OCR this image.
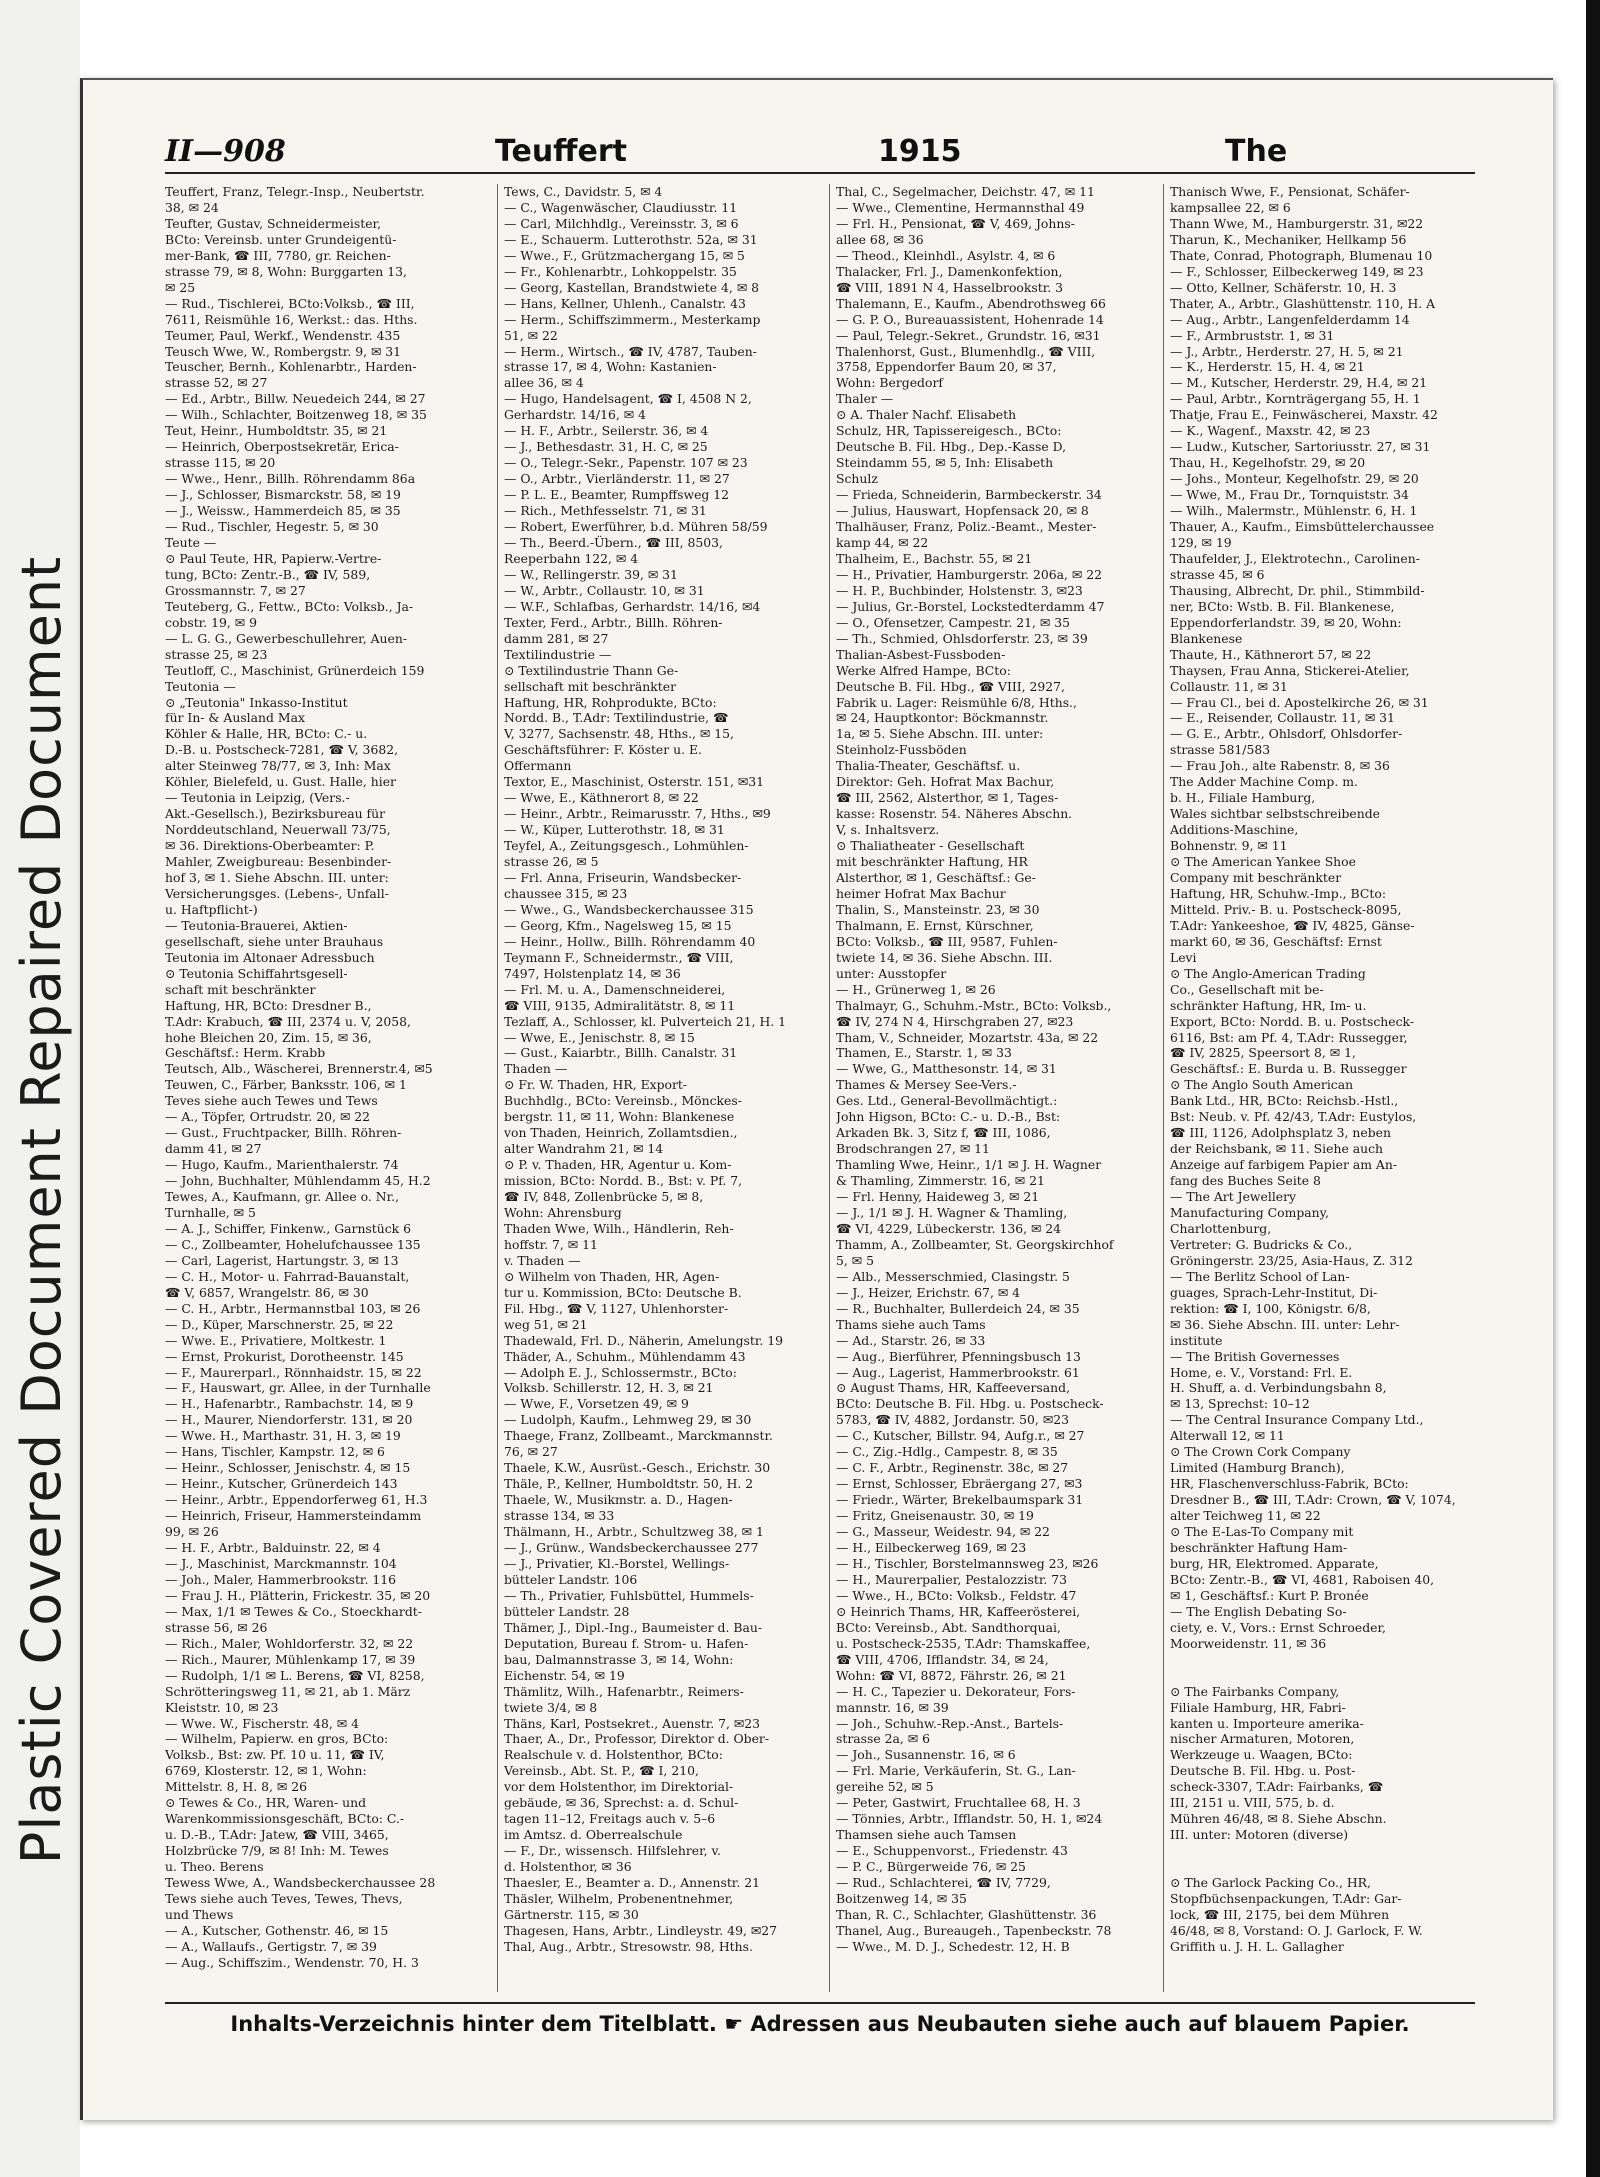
Plastic Covered Document Repaired Document
II—908	Teuffert	1915	The
Teuffert, Franz, Telegr.-Insp., Neubertstr.
38, ✉ 24
Teufter, Gustav, Schneidermeister,
BCto: Vereinsb. unter Grundeigentü-
mer-Bank, ☎ III, 7780, gr. Reichen-
strasse 79, ✉ 8, Wohn: Burggarten 13,
✉ 25
— Rud., Tischlerei, BCto:Volksb., ☎ III,
7611, Reismühle 16, Werkst.: das. Hths.
Teumer, Paul, Werkf., Wendenstr. 435
Teusch Wwe, W., Rombergstr. 9, ✉ 31
Teuscher, Bernh., Kohlenarbtr., Harden-
strasse 52, ✉ 27
— Ed., Arbtr., Billw. Neuedeich 244, ✉ 27
— Wilh., Schlachter, Boitzenweg 18, ✉ 35
Teut, Heinr., Humboldtstr. 35, ✉ 21
— Heinrich, Oberpostsekretär, Erica-
strasse 115, ✉ 20
— Wwe., Henr., Billh. Röhrendamm 86a
— J., Schlosser, Bismarckstr. 58, ✉ 19
— J., Weissw., Hammerdeich 85, ✉ 35
— Rud., Tischler, Hegestr. 5, ✉ 30
Teute —
⊙ Paul Teute, HR, Papierw.-Vertre-
tung, BCto: Zentr.-B., ☎ IV, 589,
Grossmannstr. 7, ✉ 27
Teuteberg, G., Fettw., BCto: Volksb., Ja-
cobstr. 19, ✉ 9
— L. G. G., Gewerbeschullehrer, Auen-
strasse 25, ✉ 23
Teutloff, C., Maschinist, Grünerdeich 159
Teutonia —
⊙ „Teutonia" Inkasso-Institut
für In- & Ausland Max
Köhler & Halle, HR, BCto: C.- u.
D.-B. u. Postscheck-7281, ☎ V, 3682,
alter Steinweg 78/77, ✉ 3, Inh: Max
Köhler, Bielefeld, u. Gust. Halle, hier
— Teutonia in Leipzig, (Vers.-
Akt.-Gesellsch.), Bezirksbureau für
Norddeutschland, Neuerwall 73/75,
✉ 36. Direktions-Oberbeamter: P.
Mahler, Zweigbureau: Besenbinder-
hof 3, ✉ 1. Siehe Abschn. III. unter:
Versicherungsges. (Lebens-, Unfall-
u. Haftpflicht-)
— Teutonia-Brauerei, Aktien-
gesellschaft, siehe unter Brauhaus
Teutonia im Altonaer Adressbuch
⊙ Teutonia Schiffahrtsgesell-
schaft mit beschränkter
Haftung, HR, BCto: Dresdner B.,
T.Adr: Krabuch, ☎ III, 2374 u. V, 2058,
hohe Bleichen 20, Zim. 15, ✉ 36,
Geschäftsf.: Herm. Krabb
Teutsch, Alb., Wäscherei, Brennerstr.4, ✉5
Teuwen, C., Färber, Banksstr. 106, ✉ 1
Teves siehe auch Tewes und Tews
— A., Töpfer, Ortrudstr. 20, ✉ 22
— Gust., Fruchtpacker, Billh. Röhren-
damm 41, ✉ 27
— Hugo, Kaufm., Marienthalerstr. 74
— John, Buchhalter, Mühlendamm 45, H.2
Tewes, A., Kaufmann, gr. Allee o. Nr.,
Turnhalle, ✉ 5
— A. J., Schiffer, Finkenw., Garnstück 6
— C., Zollbeamter, Hohelufchaussee 135
— Carl, Lagerist, Hartungstr. 3, ✉ 13
— C. H., Motor- u. Fahrrad-Bauanstalt,
☎ V, 6857, Wrangelstr. 86, ✉ 30
— C. H., Arbtr., Hermannstbal 103, ✉ 26
— D., Küper, Marschnerstr. 25, ✉ 22
— Wwe. E., Privatiere, Moltkestr. 1
— Ernst, Prokurist, Dorotheenstr. 145
— F., Maurerparl., Rönnhaidstr. 15, ✉ 22
— F., Hauswart, gr. Allee, in der Turnhalle
— H., Hafenarbtr., Rambachstr. 14, ✉ 9
— H., Maurer, Niendorferstr. 131, ✉ 20
— Wwe. H., Marthastr. 31, H. 3, ✉ 19
— Hans, Tischler, Kampstr. 12, ✉ 6
— Heinr., Schlosser, Jenischstr. 4, ✉ 15
— Heinr., Kutscher, Grünerdeich 143
— Heinr., Arbtr., Eppendorferweg 61, H.3
— Heinrich, Friseur, Hammersteindamm
99, ✉ 26
— H. F., Arbtr., Balduinstr. 22, ✉ 4
— J., Maschinist, Marckmannstr. 104
— Joh., Maler, Hammerbrookstr. 116
— Frau J. H., Plätterin, Frickestr. 35, ✉ 20
— Max, 1/1 ✉ Tewes & Co., Stoeckhardt-
strasse 56, ✉ 26
— Rich., Maler, Wohldorferstr. 32, ✉ 22
— Rich., Maurer, Mühlenkamp 17, ✉ 39
— Rudolph, 1/1 ✉ L. Berens, ☎ VI, 8258,
Schrötteringsweg 11, ✉ 21, ab 1. März
Kleiststr. 10, ✉ 23
— Wwe. W., Fischerstr. 48, ✉ 4
— Wilhelm, Papierw. en gros, BCto:
Volksb., Bst: zw. Pf. 10 u. 11, ☎ IV,
6769, Klosterstr. 12, ✉ 1, Wohn:
Mittelstr. 8, H. 8, ✉ 26
⊙ Tewes & Co., HR, Waren- und
Warenkommissionsgeschäft, BCto: C.-
u. D.-B., T.Adr: Jatew, ☎ VIII, 3465,
Holzbrücke 7/9, ✉ 8! Inh: M. Tewes
u. Theo. Berens
Tewess Wwe, A., Wandsbeckerchaussee 28
Tews siehe auch Teves, Tewes, Thevs,
und Thews
— A., Kutscher, Gothenstr. 46, ✉ 15
— A., Wallaufs., Gertigstr. 7, ✉ 39
— Aug., Schiffszim., Wendenstr. 70, H. 3
Tews, C., Davidstr. 5, ✉ 4
— C., Wagenwäscher, Claudiusstr. 11
— Carl, Milchhdlg., Vereinsstr. 3, ✉ 6
— E., Schauerm. Lutterothstr. 52a, ✉ 31
— Wwe., F., Grützmachergang 15, ✉ 5
— Fr., Kohlenarbtr., Lohkoppelstr. 35
— Georg, Kastellan, Brandstwiete 4, ✉ 8
— Hans, Kellner, Uhlenh., Canalstr. 43
— Herm., Schiffszimmerm., Mesterkamp
51, ✉ 22
— Herm., Wirtsch., ☎ IV, 4787, Tauben-
strasse 17, ✉ 4, Wohn: Kastanien-
allee 36, ✉ 4
— Hugo, Handelsagent, ☎ I, 4508 N 2,
Gerhardstr. 14/16, ✉ 4
— H. F., Arbtr., Seilerstr. 36, ✉ 4
— J., Bethesdastr. 31, H. C, ✉ 25
— O., Telegr.-Sekr., Papenstr. 107 ✉ 23
— O., Arbtr., Vierländerstr. 11, ✉ 27
— P. L. E., Beamter, Rumpffsweg 12
— Rich., Methfesselstr. 71, ✉ 31
— Robert, Ewerführer, b.d. Mühren 58/59
— Th., Beerd.-Übern., ☎ III, 8503,
Reeperbahn 122, ✉ 4
— W., Rellingerstr. 39, ✉ 31
— W., Arbtr., Collaustr. 10, ✉ 31
— W.F., Schlafbas, Gerhardstr. 14/16, ✉4
Texter, Ferd., Arbtr., Billh. Röhren-
damm 281, ✉ 27
Textilindustrie —
⊙ Textilindustrie Thann Ge-
sellschaft mit beschränkter
Haftung, HR, Rohprodukte, BCto:
Nordd. B., T.Adr: Textilindustrie, ☎
V, 3277, Sachsenstr. 48, Hths., ✉ 15,
Geschäftsführer: F. Köster u. E.
Offermann
Textor, E., Maschinist, Osterstr. 151, ✉31
— Wwe, E., Käthnerort 8, ✉ 22
— Heinr., Arbtr., Reimarusstr. 7, Hths., ✉9
— W., Küper, Lutterothstr. 18, ✉ 31
Teyfel, A., Zeitungsgesch., Lohmühlen-
strasse 26, ✉ 5
— Frl. Anna, Friseurin, Wandsbecker-
chaussee 315, ✉ 23
— Wwe., G., Wandsbeckerchaussee 315
— Georg, Kfm., Nagelsweg 15, ✉ 15
— Heinr., Hollw., Billh. Röhrendamm 40
Teymann F., Schneidermstr., ☎ VIII,
7497, Holstenplatz 14, ✉ 36
— Frl. M. u. A., Damenschneiderei,
☎ VIII, 9135, Admiralitätstr. 8, ✉ 11
Tezlaff, A., Schlosser, kl. Pulverteich 21, H. 1
— Wwe, E., Jenischstr. 8, ✉ 15
— Gust., Kaiarbtr., Billh. Canalstr. 31
Thaden —
⊙ Fr. W. Thaden, HR, Export-
Buchhdlg., BCto: Vereinsb., Mönckes-
bergstr. 11, ✉ 11, Wohn: Blankenese
von Thaden, Heinrich, Zollamtsdien.,
alter Wandrahm 21, ✉ 14
⊙ P. v. Thaden, HR, Agentur u. Kom-
mission, BCto: Nordd. B., Bst: v. Pf. 7,
☎ IV, 848, Zollenbrücke 5, ✉ 8,
Wohn: Ahrensburg
Thaden Wwe, Wilh., Händlerin, Reh-
hoffstr. 7, ✉ 11
v. Thaden —
⊙ Wilhelm von Thaden, HR, Agen-
tur u. Kommission, BCto: Deutsche B.
Fil. Hbg., ☎ V, 1127, Uhlenhorster-
weg 51, ✉ 21
Thadewald, Frl. D., Näherin, Amelungstr. 19
Thäder, A., Schuhm., Mühlendamm 43
— Adolph E. J., Schlossermstr., BCto:
Volksb. Schillerstr. 12, H. 3, ✉ 21
— Wwe, F., Vorsetzen 49, ✉ 9
— Ludolph, Kaufm., Lehmweg 29, ✉ 30
Thaege, Franz, Zollbeamt., Marckmannstr.
76, ✉ 27
Thaele, K.W., Ausrüst.-Gesch., Erichstr. 30
Thäle, P., Kellner, Humboldtstr. 50, H. 2
Thaele, W., Musikmstr. a. D., Hagen-
strasse 134, ✉ 33
Thälmann, H., Arbtr., Schultzweg 38, ✉ 1
— J., Grünw., Wandsbeckerchaussee 277
— J., Privatier, Kl.-Borstel, Wellings-
bütteler Landstr. 106
— Th., Privatier, Fuhlsbüttel, Hummels-
bütteler Landstr. 28
Thämer, J., Dipl.-Ing., Baumeister d. Bau-
Deputation, Bureau f. Strom- u. Hafen-
bau, Dalmannstrasse 3, ✉ 14, Wohn:
Eichenstr. 54, ✉ 19
Thämlitz, Wilh., Hafenarbtr., Reimers-
twiete 3/4, ✉ 8
Thäns, Karl, Postsekret., Auenstr. 7, ✉23
Thaer, A., Dr., Professor, Direktor d. Ober-
Realschule v. d. Holstenthor, BCto:
Vereinsb., Abt. St. P., ☎ I, 210,
vor dem Holstenthor, im Direktorial-
gebäude, ✉ 36, Sprechst: a. d. Schul-
tagen 11–12, Freitags auch v. 5–6
im Amtsz. d. Oberrealschule
— F., Dr., wissensch. Hilfslehrer, v.
d. Holstenthor, ✉ 36
Thaesler, E., Beamter a. D., Annenstr. 21
Thäsler, Wilhelm, Probenentnehmer,
Gärtnerstr. 115, ✉ 30
Thagesen, Hans, Arbtr., Lindleystr. 49, ✉27
Thal, Aug., Arbtr., Stresowstr. 98, Hths.
Thal, C., Segelmacher, Deichstr. 47, ✉ 11
— Wwe., Clementine, Hermannsthal 49
— Frl. H., Pensionat, ☎ V, 469, Johns-
allee 68, ✉ 36
— Theod., Kleinhdl., Asylstr. 4, ✉ 6
Thalacker, Frl. J., Damenkonfektion,
☎ VIII, 1891 N 4, Hasselbrookstr. 3
Thalemann, E., Kaufm., Abendrothsweg 66
— G. P. O., Bureauassistent, Hohenrade 14
— Paul, Telegr.-Sekret., Grundstr. 16, ✉31
Thalenhorst, Gust., Blumenhdlg., ☎ VIII,
3758, Eppendorfer Baum 20, ✉ 37,
Wohn: Bergedorf
Thaler —
⊙ A. Thaler Nachf. Elisabeth
Schulz, HR, Tapissereigesch., BCto:
Deutsche B. Fil. Hbg., Dep.-Kasse D,
Steindamm 55, ✉ 5, Inh: Elisabeth
Schulz
— Frieda, Schneiderin, Barmbeckerstr. 34
— Julius, Hauswart, Hopfensack 20, ✉ 8
Thalhäuser, Franz, Poliz.-Beamt., Mester-
kamp 44, ✉ 22
Thalheim, E., Bachstr. 55, ✉ 21
— H., Privatier, Hamburgerstr. 206a, ✉ 22
— H. P., Buchbinder, Holstenstr. 3, ✉23
— Julius, Gr.-Borstel, Lockstedterdamm 47
— O., Ofensetzer, Campestr. 21, ✉ 35
— Th., Schmied, Ohlsdorferstr. 23, ✉ 39
Thalian-Asbest-Fussboden-
Werke Alfred Hampe, BCto:
Deutsche B. Fil. Hbg., ☎ VIII, 2927,
Fabrik u. Lager: Reismühle 6/8, Hths.,
✉ 24, Hauptkontor: Böckmannstr.
1a, ✉ 5. Siehe Abschn. III. unter:
Steinholz-Fussböden
Thalia-Theater, Geschäftsf. u.
Direktor: Geh. Hofrat Max Bachur,
☎ III, 2562, Alsterthor, ✉ 1, Tages-
kasse: Rosenstr. 54. Näheres Abschn.
V, s. Inhaltsverz.
⊙ Thaliatheater - Gesellschaft
mit beschränkter Haftung, HR
Alsterthor, ✉ 1, Geschäftsf.: Ge-
heimer Hofrat Max Bachur
Thalin, S., Mansteinstr. 23, ✉ 30
Thalmann, E. Ernst, Kürschner,
BCto: Volksb., ☎ III, 9587, Fuhlen-
twiete 14, ✉ 36. Siehe Abschn. III.
unter: Ausstopfer
— H., Grünerweg 1, ✉ 26
Thalmayr, G., Schuhm.-Mstr., BCto: Volksb.,
☎ IV, 274 N 4, Hirschgraben 27, ✉23
Tham, V., Schneider, Mozartstr. 43a, ✉ 22
Thamen, E., Starstr. 1, ✉ 33
— Wwe, G., Matthesonstr. 14, ✉ 31
Thames & Mersey See-Vers.-
Ges. Ltd., General-Bevollmächtigt.:
John Higson, BCto: C.- u. D.-B., Bst:
Arkaden Bk. 3, Sitz f, ☎ III, 1086,
Brodschrangen 27, ✉ 11
Thamling Wwe, Heinr., 1/1 ✉ J. H. Wagner
& Thamling, Zimmerstr. 16, ✉ 21
— Frl. Henny, Haideweg 3, ✉ 21
— J., 1/1 ✉ J. H. Wagner & Thamling,
☎ VI, 4229, Lübeckerstr. 136, ✉ 24
Thamm, A., Zollbeamter, St. Georgskirchhof
5, ✉ 5
— Alb., Messerschmied, Clasingstr. 5
— J., Heizer, Erichstr. 67, ✉ 4
— R., Buchhalter, Bullerdeich 24, ✉ 35
Thams siehe auch Tams
— Ad., Starstr. 26, ✉ 33
— Aug., Bierführer, Pfenningsbusch 13
— Aug., Lagerist, Hammerbrookstr. 61
⊙ August Thams, HR, Kaffeeversand,
BCto: Deutsche B. Fil. Hbg. u. Postscheck-
5783, ☎ IV, 4882, Jordanstr. 50, ✉23
— C., Kutscher, Billstr. 94, Aufg.r., ✉ 27
— C., Zig.-Hdlg., Campestr. 8, ✉ 35
— C. F., Arbtr., Reginenstr. 38c, ✉ 27
— Ernst, Schlosser, Ebräergang 27, ✉3
— Friedr., Wärter, Brekelbaumspark 31
— Fritz, Gneisenaustr. 30, ✉ 19
— G., Masseur, Weidestr. 94, ✉ 22
— H., Eilbeckerweg 169, ✉ 23
— H., Tischler, Borstelmannsweg 23, ✉26
— H., Maurerpalier, Pestalozzistr. 73
— Wwe., H., BCto: Volksb., Feldstr. 47
⊙ Heinrich Thams, HR, Kaffeerösterei,
BCto: Vereinsb., Abt. Sandthorquai,
u. Postscheck-2535, T.Adr: Thamskaffee,
☎ VIII, 4706, Ifflandstr. 34, ✉ 24,
Wohn: ☎ VI, 8872, Fährstr. 26, ✉ 21
— H. C., Tapezier u. Dekorateur, Fors-
mannstr. 16, ✉ 39
— Joh., Schuhw.-Rep.-Anst., Bartels-
strasse 2a, ✉ 6
— Joh., Susannenstr. 16, ✉ 6
— Frl. Marie, Verkäuferin, St. G., Lan-
gereihe 52, ✉ 5
— Peter, Gastwirt, Fruchtallee 68, H. 3
— Tönnies, Arbtr., Ifflandstr. 50, H. 1, ✉24
Thamsen siehe auch Tamsen
— E., Schuppenvorst., Friedenstr. 43
— P. C., Bürgerweide 76, ✉ 25
— Rud., Schlachterei, ☎ IV, 7729,
Boitzenweg 14, ✉ 35
Than, R. C., Schlachter, Glashüttenstr. 36
Thanel, Aug., Bureaugeh., Tapenbeckstr. 78
— Wwe., M. D. J., Schedestr. 12, H. B
Thanisch Wwe, F., Pensionat, Schäfer-
kampsallee 22, ✉ 6
Thann Wwe, M., Hamburgerstr. 31, ✉22
Tharun, K., Mechaniker, Hellkamp 56
Thate, Conrad, Photograph, Blumenau 10
— F., Schlosser, Eilbeckerweg 149, ✉ 23
— Otto, Kellner, Schäferstr. 10, H. 3
Thater, A., Arbtr., Glashüttenstr. 110, H. A
— Aug., Arbtr., Langenfelderdamm 14
— F., Armbruststr. 1, ✉ 31
— J., Arbtr., Herderstr. 27, H. 5, ✉ 21
— K., Herderstr. 15, H. 4, ✉ 21
— M., Kutscher, Herderstr. 29, H.4, ✉ 21
— Paul, Arbtr., Kornträgergang 55, H. 1
Thatje, Frau E., Feinwäscherei, Maxstr. 42
— K., Wagenf., Maxstr. 42, ✉ 23
— Ludw., Kutscher, Sartoriusstr. 27, ✉ 31
Thau, H., Kegelhofstr. 29, ✉ 20
— Johs., Monteur, Kegelhofstr. 29, ✉ 20
— Wwe, M., Frau Dr., Tornquiststr. 34
— Wilh., Malermstr., Mühlenstr. 6, H. 1
Thauer, A., Kaufm., Eimsbüttelerchaussee
129, ✉ 19
Thaufelder, J., Elektrotechn., Carolinen-
strasse 45, ✉ 6
Thausing, Albrecht, Dr. phil., Stimmbild-
ner, BCto: Wstb. B. Fil. Blankenese,
Eppendorferlandstr. 39, ✉ 20, Wohn:
Blankenese
Thaute, H., Käthnerort 57, ✉ 22
Thaysen, Frau Anna, Stickerei-Atelier,
Collaustr. 11, ✉ 31
— Frau Cl., bei d. Apostelkirche 26, ✉ 31
— E., Reisender, Collaustr. 11, ✉ 31
— G. E., Arbtr., Ohlsdorf, Ohlsdorfer-
strasse 581/583
— Frau Joh., alte Rabenstr. 8, ✉ 36
The Adder Machine Comp. m.
b. H., Filiale Hamburg,
Wales sichtbar selbstschreibende
Additions-Maschine,
Bohnenstr. 9, ✉ 11
⊙ The American Yankee Shoe
Company mit beschränkter
Haftung, HR, Schuhw.-Imp., BCto:
Mitteld. Priv.- B. u. Postscheck-8095,
T.Adr: Yankeeshoe, ☎ IV, 4825, Gänse-
markt 60, ✉ 36, Geschäftsf: Ernst
Levi
⊙ The Anglo-American Trading
Co., Gesellschaft mit be-
schränkter Haftung, HR, Im- u.
Export, BCto: Nordd. B. u. Postscheck-
6116, Bst: am Pf. 4, T.Adr: Russegger,
☎ IV, 2825, Speersort 8, ✉ 1,
Geschäftsf.: E. Burda u. B. Russegger
⊙ The Anglo South American
Bank Ltd., HR, BCto: Reichsb.-Hstl.,
Bst: Neub. v. Pf. 42/43, T.Adr: Eustylos,
☎ III, 1126, Adolphsplatz 3, neben
der Reichsbank, ✉ 11. Siehe auch
Anzeige auf farbigem Papier am An-
fang des Buches Seite 8
— The Art Jewellery
Manufacturing Company,
Charlottenburg,
Vertreter: G. Budricks & Co.,
Gröningerstr. 23/25, Asia-Haus, Z. 312
— The Berlitz School of Lan-
guages, Sprach-Lehr-Institut, Di-
rektion: ☎ I, 100, Königstr. 6/8,
✉ 36. Siehe Abschn. III. unter: Lehr-
institute
— The British Governesses
Home, e. V., Vorstand: Frl. E.
H. Shuff, a. d. Verbindungsbahn 8,
✉ 13, Sprechst: 10–12
— The Central Insurance Company Ltd.,
Alterwall 12, ✉ 11
⊙ The Crown Cork Company
Limited (Hamburg Branch),
HR, Flaschenverschluss-Fabrik, BCto:
Dresdner B., ☎ III, T.Adr: Crown, ☎ V, 1074,
alter Teichweg 11, ✉ 22
⊙ The E-Las-To Company mit
beschränkter Haftung Ham-
burg, HR, Elektromed. Apparate,
BCto: Zentr.-B., ☎ VI, 4681, Raboisen 40,
✉ 1, Geschäftsf.: Kurt P. Bronée
— The English Debating So-
ciety, e. V., Vors.: Ernst Schroeder,
Moorweidenstr. 11, ✉ 36

⊙ The Fairbanks Company,
Filiale Hamburg, HR, Fabri-
kanten u. Importeure amerika-
nischer Armaturen, Motoren,
Werkzeuge u. Waagen, BCto:
Deutsche B. Fil. Hbg. u. Post-
scheck-3307, T.Adr: Fairbanks, ☎
III, 2151 u. VIII, 575, b. d.
Mühren 46/48, ✉ 8. Siehe Abschn.
III. unter: Motoren (diverse)

⊙ The Garlock Packing Co., HR,
Stopfbüchsenpackungen, T.Adr: Gar-
lock, ☎ III, 2175, bei dem Mühren
46/48, ✉ 8, Vorstand: O. J. Garlock, F. W.
Griffith u. J. H. L. Gallagher
Inhalts-Verzeichnis hinter dem Titelblatt. ☛ Adressen aus Neubauten siehe auch auf blauem Papier.
